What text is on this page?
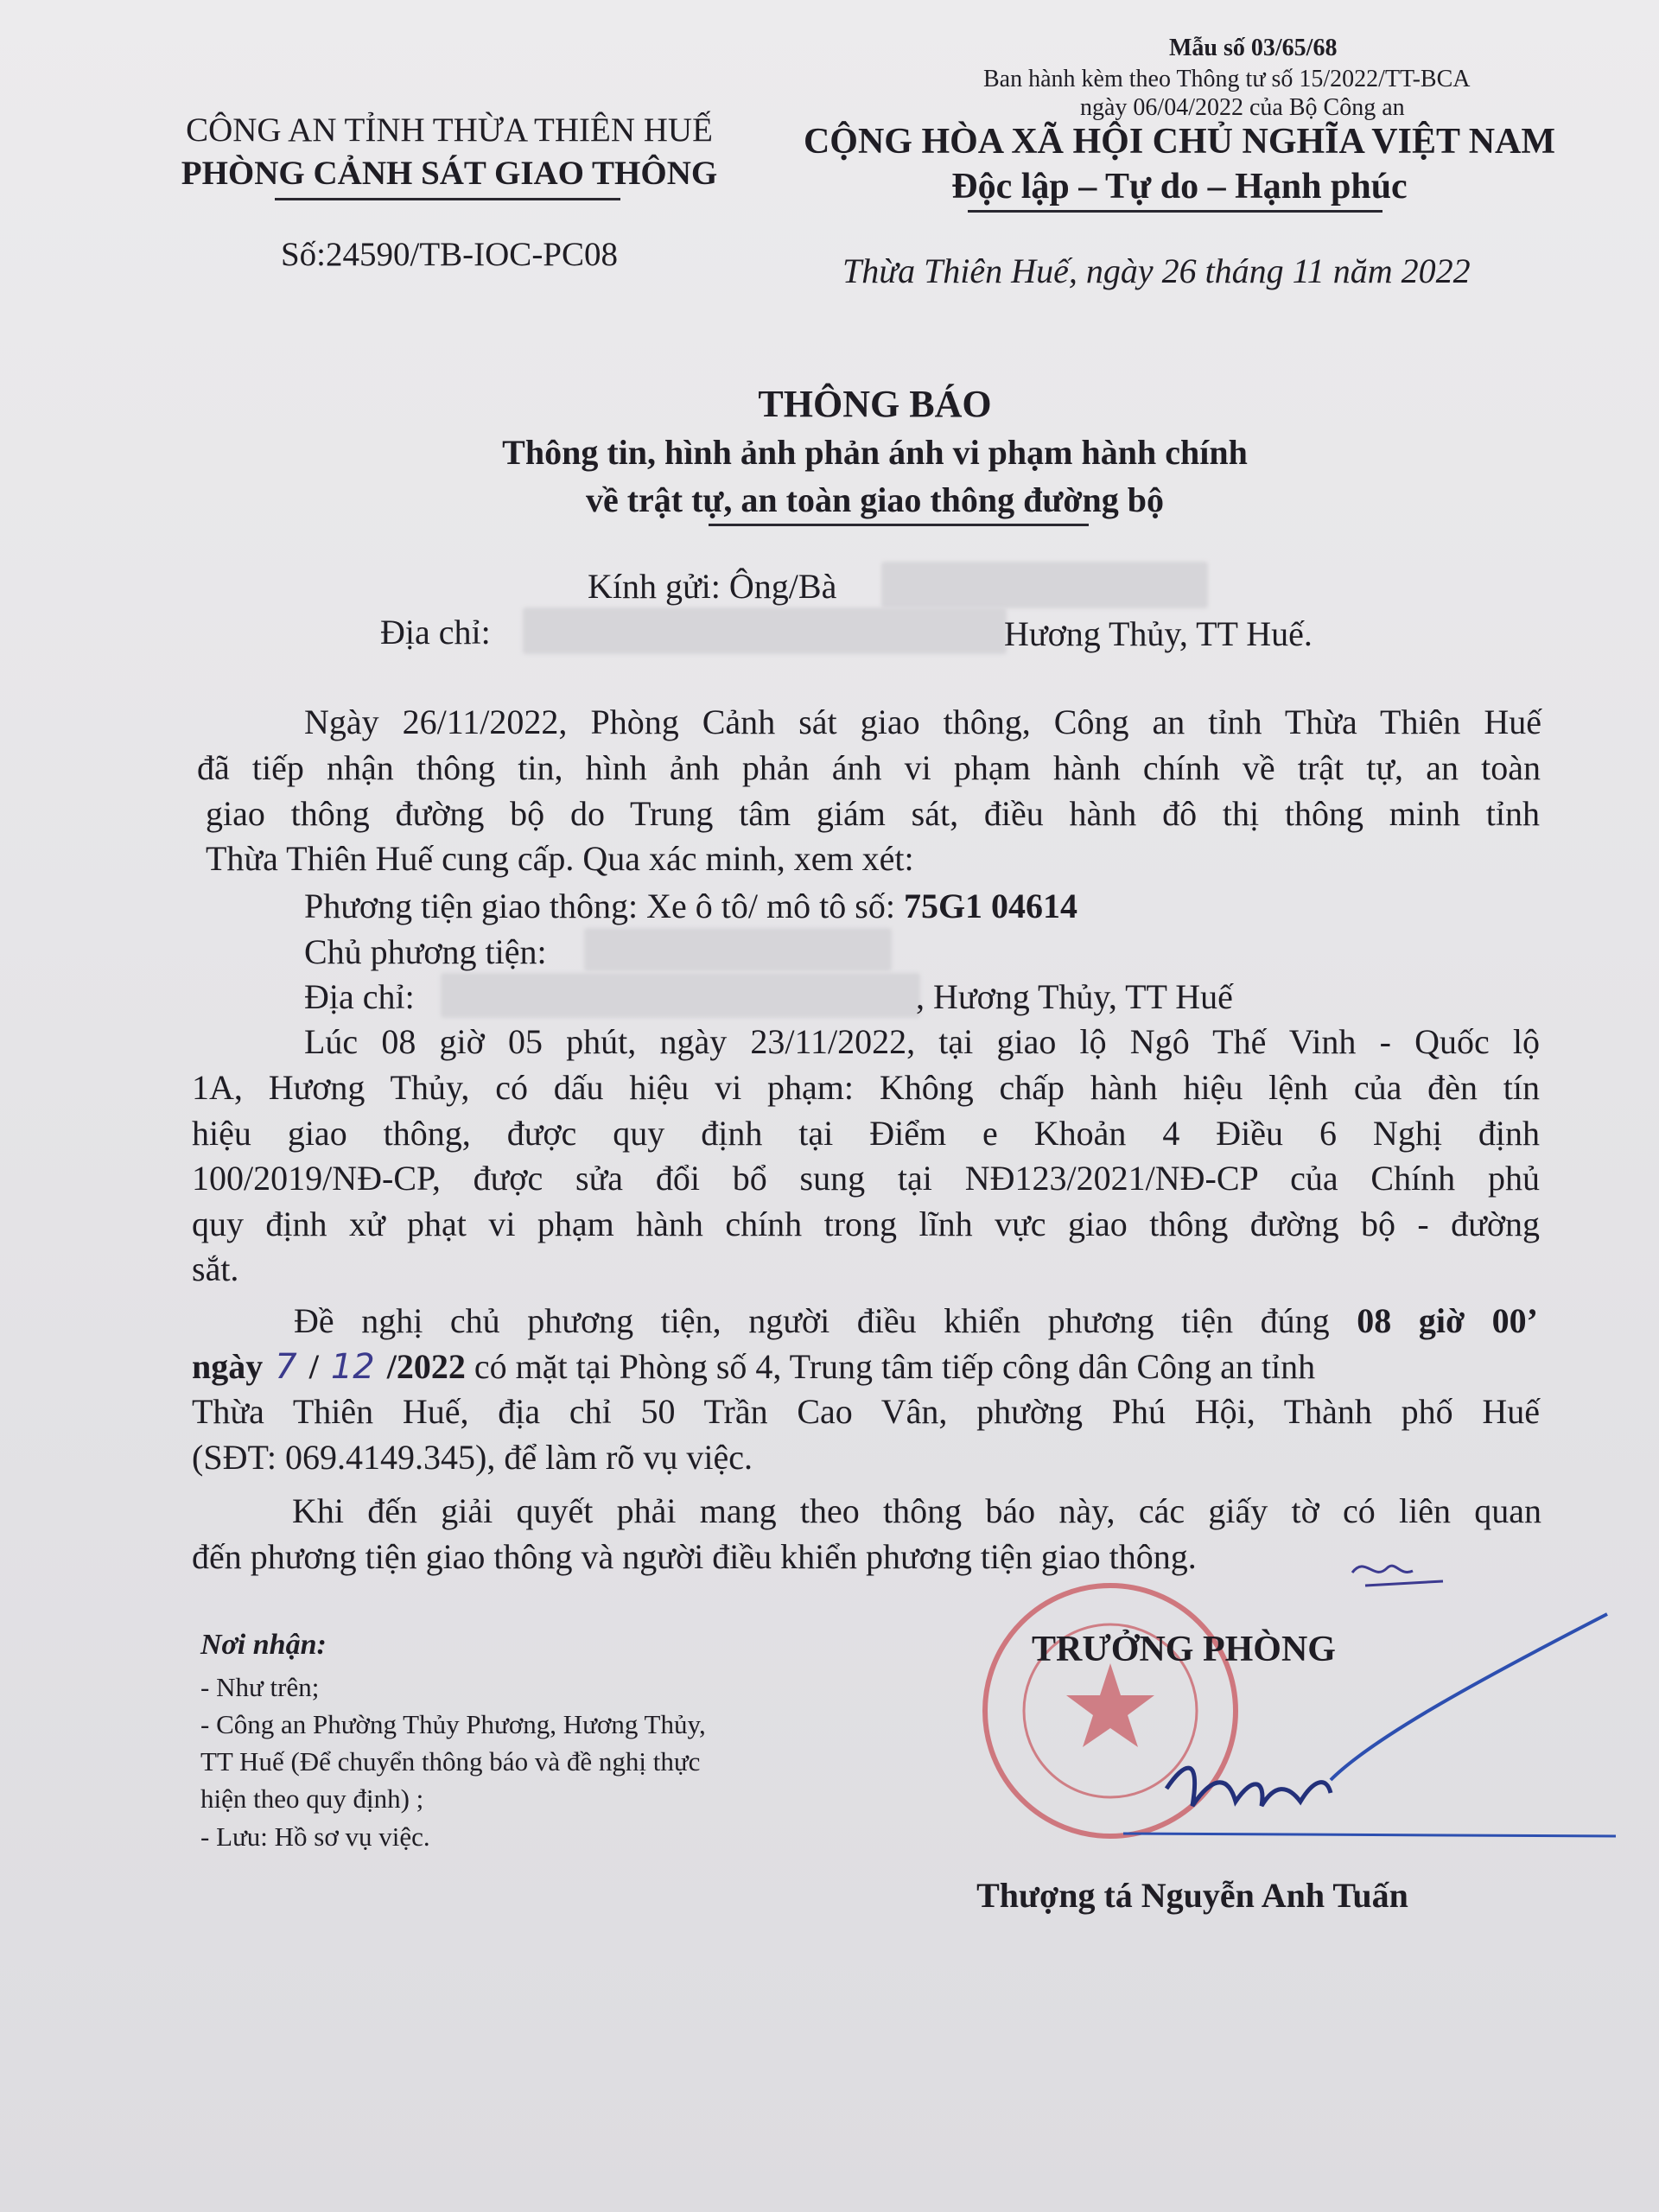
Mẫu số 03/65/68
Ban hành kèm theo Thông tư số 15/2022/TT-BCA
ngày 06/04/2022 của Bộ Công an
CÔNG AN TỈNH THỪA THIÊN HUẾ
PHÒNG CẢNH SÁT GIAO THÔNG
Số:24590/TB-IOC-PC08
CỘNG HÒA XÃ HỘI CHỦ NGHĨA VIỆT NAM
Độc lập – Tự do – Hạnh phúc
Thừa Thiên Huế, ngày 26 tháng 11 năm 2022
THÔNG BÁO
Thông tin, hình ảnh phản ánh vi phạm hành chính
về trật tự, an toàn giao thông đường bộ
Kính gửi: Ông/Bà
Địa chỉ:	Hương Thủy, TT Huế.
Ngày 26/11/2022, Phòng Cảnh sát giao thông, Công an tỉnh Thừa Thiên Huế
đã tiếp nhận thông tin, hình ảnh phản ánh vi phạm hành chính về trật tự, an toàn
giao thông đường bộ do Trung tâm giám sát, điều hành đô thị thông minh tỉnh
Thừa Thiên Huế cung cấp. Qua xác minh, xem xét:
Phương tiện giao thông: Xe ô tô/ mô tô số: 75G1 04614
Chủ phương tiện:
Địa chỉ:	, Hương Thủy, TT Huế
Lúc 08 giờ 05 phút, ngày 23/11/2022, tại giao lộ Ngô Thế Vinh - Quốc lộ
1A, Hương Thủy, có dấu hiệu vi phạm: Không chấp hành hiệu lệnh của đèn tín
hiệu giao thông, được quy định tại Điểm e Khoản 4 Điều 6 Nghị định
100/2019/NĐ-CP, được sửa đổi bổ sung tại NĐ123/2021/NĐ-CP của Chính phủ
quy định xử phạt vi phạm hành chính trong lĩnh vực giao thông đường bộ - đường
sắt.
Đề nghị chủ phương tiện, người điều khiển phương tiện đúng 08 giờ 00’
ngày 7 / 12 /2022 có mặt tại Phòng số 4, Trung tâm tiếp công dân Công an tỉnh
Thừa Thiên Huế, địa chỉ 50 Trần Cao Vân, phường Phú Hội, Thành phố Huế
(SĐT: 069.4149.345), để làm rõ vụ việc.
Khi đến giải quyết phải mang theo thông báo này, các giấy tờ có liên quan
đến phương tiện giao thông và người điều khiển phương tiện giao thông.
Nơi nhận:
- Như trên;
- Công an Phường Thủy Phương, Hương Thủy,
TT Huế (Để chuyển thông báo và đề nghị thực
hiện theo quy định) ;
- Lưu: Hồ sơ vụ việc.
TRƯỞNG PHÒNG
Thượng tá Nguyễn Anh Tuấn
